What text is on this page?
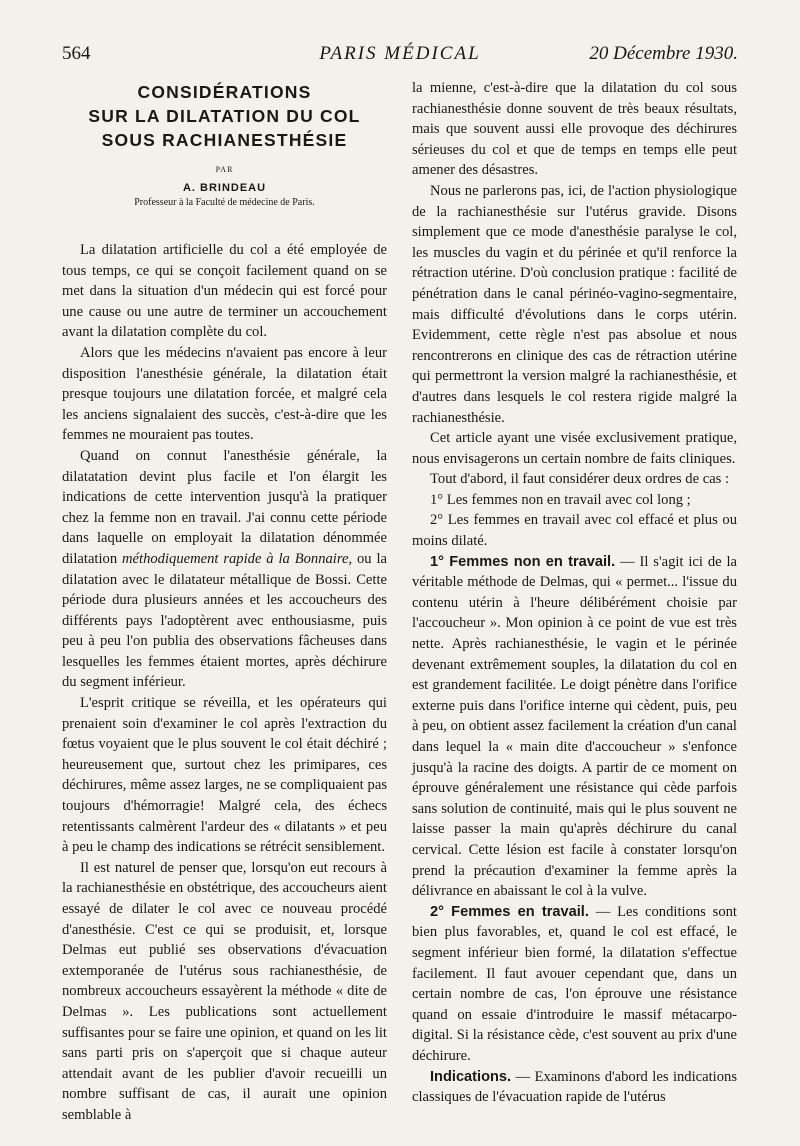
564	PARIS MÉDICAL	20 Décembre 1930.
CONSIDÉRATIONS
SUR LA DILATATION DU COL
SOUS RACHIANESTHÉSIE
PAR
A. BRINDEAU
Professeur à la Faculté de médecine de Paris.

La dilatation artificielle du col a été employée de tous temps, ce qui se conçoit facilement quand on se met dans la situation d'un médecin qui est forcé pour une cause ou une autre de terminer un accouchement avant la dilatation complète du col.

Alors que les médecins n'avaient pas encore à leur disposition l'anesthésie générale, la dilatation était presque toujours une dilatation forcée, et malgré cela les anciens signalaient des succès, c'est-à-dire que les femmes ne mouraient pas toutes.

Quand on connut l'anesthésie générale, la dilatatation devint plus facile et l'on élargit les indications de cette intervention jusqu'à la pratiquer chez la femme non en travail. J'ai connu cette période dans laquelle on employait la dilatation dénommée dilatation méthodiquement rapide à la Bonnaire, ou la dilatation avec le dilatateur métallique de Bossi. Cette période dura plusieurs années et les accoucheurs des différents pays l'adoptèrent avec enthousiasme, puis peu à peu l'on publia des observations fâcheuses dans lesquelles les femmes étaient mortes, après déchirure du segment inférieur.

L'esprit critique se réveilla, et les opérateurs qui prenaient soin d'examiner le col après l'extraction du fœtus voyaient que le plus souvent le col était déchiré ; heureusement que, surtout chez les primipares, ces déchirures, même assez larges, ne se compliquaient pas toujours d'hémorragie! Malgré cela, des échecs retentissants calmèrent l'ardeur des « dilatants » et peu à peu le champ des indications se rétrécit sensiblement.

Il est naturel de penser que, lorsqu'on eut recours à la rachianesthésie en obstétrique, des accoucheurs aient essayé de dilater le col avec ce nouveau procédé d'anesthésie. C'est ce qui se produisit, et, lorsque Delmas eut publié ses observations d'évacuation extemporanée de l'utérus sous rachianesthésie, de nombreux accoucheurs essayèrent la méthode « dite de Delmas ». Les publications sont actuellement suffisantes pour se faire une opinion, et quand on les lit sans parti pris on s'aperçoit que si chaque auteur attendait avant de les publier d'avoir recueilli un nombre suffisant de cas, il aurait une opinion semblable à

la mienne, c'est-à-dire que la dilatation du col sous rachianesthésie donne souvent de très beaux résultats, mais que souvent aussi elle provoque des déchirures sérieuses du col et que de temps en temps elle peut amener des désastres.

Nous ne parlerons pas, ici, de l'action physiologique de la rachianesthésie sur l'utérus gravide. Disons simplement que ce mode d'anesthésie paralyse le col, les muscles du vagin et du périnée et qu'il renforce la rétraction utérine. D'où conclusion pratique : facilité de pénétration dans le canal périnéo-vagino-segmentaire, mais difficulté d'évolutions dans le corps utérin. Evidemment, cette règle n'est pas absolue et nous rencontrerons en clinique des cas de rétraction utérine qui permettront la version malgré la rachianesthésie, et d'autres dans lesquels le col restera rigide malgré la rachianesthésie.

Cet article ayant une visée exclusivement pratique, nous envisagerons un certain nombre de faits cliniques.

Tout d'abord, il faut considérer deux ordres de cas :

1° Les femmes non en travail avec col long ;

2° Les femmes en travail avec col effacé et plus ou moins dilaté.

1° Femmes non en travail. — Il s'agit ici de la véritable méthode de Delmas, qui « permet... l'issue du contenu utérin à l'heure délibérément choisie par l'accoucheur ». Mon opinion à ce point de vue est très nette. Après rachianesthésie, le vagin et le périnée devenant extrêmement souples, la dilatation du col en est grandement facilitée. Le doigt pénètre dans l'orifice externe puis dans l'orifice interne qui cèdent, puis, peu à peu, on obtient assez facilement la création d'un canal dans lequel la « main dite d'accoucheur » s'enfonce jusqu'à la racine des doigts. A partir de ce moment on éprouve généralement une résistance qui cède parfois sans solution de continuité, mais qui le plus souvent ne laisse passer la main qu'après déchirure du canal cervical. Cette lésion est facile à constater lorsqu'on prend la précaution d'examiner la femme après la délivrance en abaissant le col à la vulve.

2° Femmes en travail. — Les conditions sont bien plus favorables, et, quand le col est effacé, le segment inférieur bien formé, la dilatation s'effectue facilement. Il faut avouer cependant que, dans un certain nombre de cas, l'on éprouve une résistance quand on essaie d'introduire le massif métacarpo-digital. Si la résistance cède, c'est souvent au prix d'une déchirure.

Indications. — Examinons d'abord les indications classiques de l'évacuation rapide de l'utérus
